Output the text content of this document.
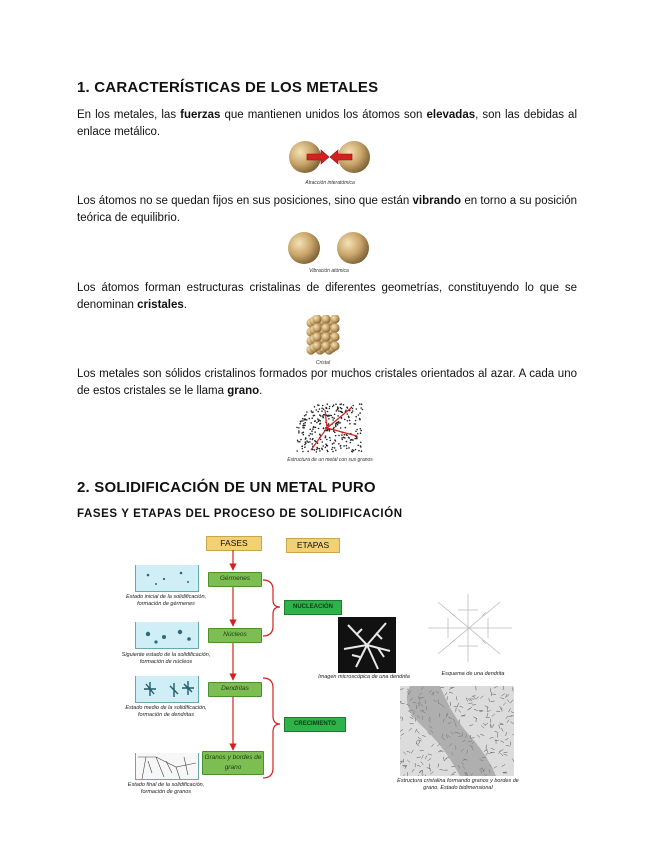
1. CARACTERÍSTICAS DE LOS METALES

En los metales, las fuerzas que mantienen unidos los átomos son elevadas, son las debidas al enlace metálico.

Atracción interatómica

Los átomos no se quedan fijos en sus posiciones, sino que están vibrando en torno a su posición teórica de equilibrio.

Vibración atómica

Los átomos forman estructuras cristalinas de diferentes geometrías, constituyendo lo que se denominan cristales.

Cristal

Los metales son sólidos cristalinos formados por muchos cristales orientados al azar. A cada uno de estos cristales se le llama grano.

Estructura de un metal con sus granos
2. SOLIDIFICACIÓN DE UN METAL PURO
FASES Y ETAPAS DEL PROCESO DE SOLIDIFICACIÓN
FASES	ETAPAS
Gérmenes
Núcleos
Dendritas
Granos y bordes de grano
NUCLEACIÓN
CRECIMIENTO
Estado inicial de la solidificación, formación de gérmenes
Siguiente estado de la solidificación, formación de núcleos
Estado medio de la solidificación, formación de dendritas
Estado final de la solidificación, formación de granos
Imagen microscópica de una dendrita	Esquema de una dendrita
Estructura cristalina formando granos y bordes de grano. Estado bidimensional
